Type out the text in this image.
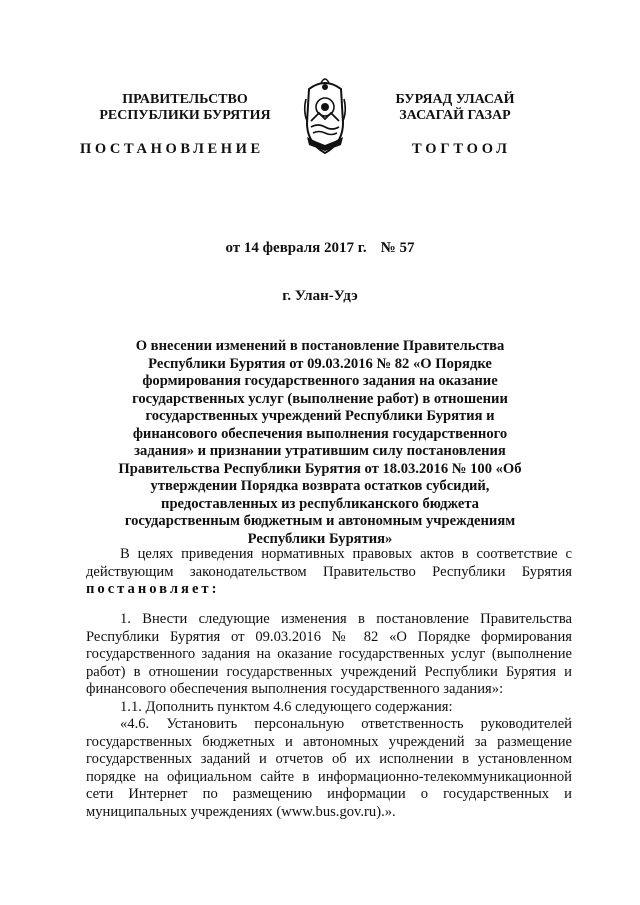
ПРАВИТЕЛЬСТВО
РЕСПУБЛИКИ БУРЯТИЯ
ПОСТАНОВЛЕНИЕ
БУРЯАД УЛАСАЙ
ЗАСАГАЙ ГАЗАР
ТОГТООЛ
от 14 февраля 2017 г. № 57
г. Улан-Удэ
О внесении изменений в постановление Правительства Республики Бурятия от 09.03.2016 № 82 «О Порядке формирования государственного задания на оказание государственных услуг (выполнение работ) в отношении государственных учреждений Республики Бурятия и финансового обеспечения выполнения государственного задания» и признании утратившим силу постановления Правительства Республики Бурятия от 18.03.2016 № 100 «Об утверждении Порядка возврата остатков субсидий, предоставленных из республиканского бюджета государственным бюджетным и автономным учреждениям Республики Бурятия»

В целях приведения нормативных правовых актов в соответствие с действующим законодательством Правительство Республики Бурятия постановляет:

1. Внести следующие изменения в постановление Правительства Республики Бурятия от 09.03.2016 № 82 «О Порядке формирования государственного задания на оказание государственных услуг (выполнение работ) в отношении государственных учреждений Республики Бурятия и финансового обеспечения выполнения государственного задания»:

1.1. Дополнить пунктом 4.6 следующего содержания:

«4.6. Установить персональную ответственность руководителей государственных бюджетных и автономных учреждений за размещение государственных заданий и отчетов об их исполнении в установленном порядке на официальном сайте в информационно-телекоммуникационной сети Интернет по размещению информации о государственных и муниципальных учреждениях (www.bus.gov.ru).».
